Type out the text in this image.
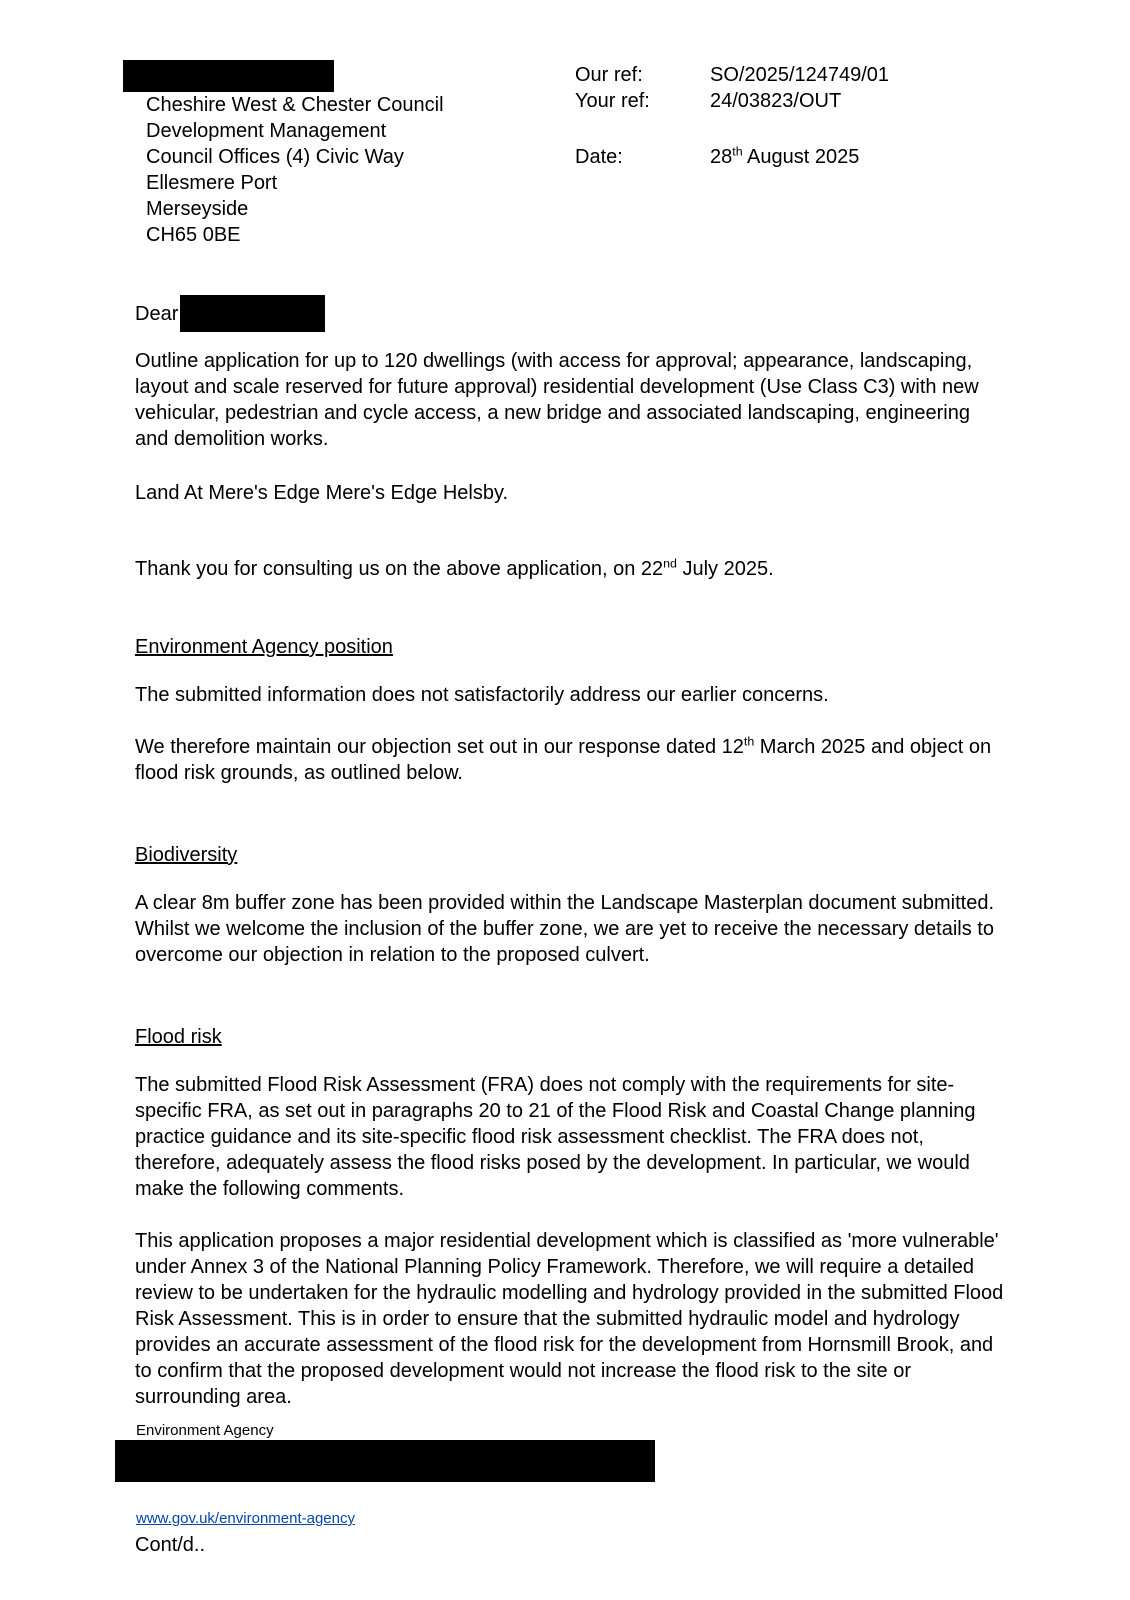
Cheshire West & Chester Council
Development Management
Council Offices (4) Civic Way
Ellesmere Port
Merseyside
CH65 0BE
Our ref:	SO/2025/124749/01
Your ref:	24/03823/OUT
Date:	28th August 2025
Dear

Outline application for up to 120 dwellings (with access for approval; appearance, landscaping, layout and scale reserved for future approval) residential development (Use Class C3) with new vehicular, pedestrian and cycle access, a new bridge and associated landscaping, engineering and demolition works.

Land At Mere's Edge Mere's Edge Helsby.

Thank you for consulting us on the above application, on 22nd July 2025.

Environment Agency position

The submitted information does not satisfactorily address our earlier concerns.

We therefore maintain our objection set out in our response dated 12th March 2025 and object on flood risk grounds, as outlined below.

Biodiversity

A clear 8m buffer zone has been provided within the Landscape Masterplan document submitted. Whilst we welcome the inclusion of the buffer zone, we are yet to receive the necessary details to overcome our objection in relation to the proposed culvert.

Flood risk

The submitted Flood Risk Assessment (FRA) does not comply with the requirements for site-specific FRA, as set out in paragraphs 20 to 21 of the Flood Risk and Coastal Change planning practice guidance and its site-specific flood risk assessment checklist. The FRA does not, therefore, adequately assess the flood risks posed by the development. In particular, we would make the following comments.

This application proposes a major residential development which is classified as 'more vulnerable' under Annex 3 of the National Planning Policy Framework. Therefore, we will require a detailed review to be undertaken for the hydraulic modelling and hydrology provided in the submitted Flood Risk Assessment. This is in order to ensure that the submitted hydraulic model and hydrology provides an accurate assessment of the flood risk for the development from Hornsmill Brook, and to confirm that the proposed development would not increase the flood risk to the site or surrounding area.

Environment Agency
www.gov.uk/environment-agency
Cont/d..
